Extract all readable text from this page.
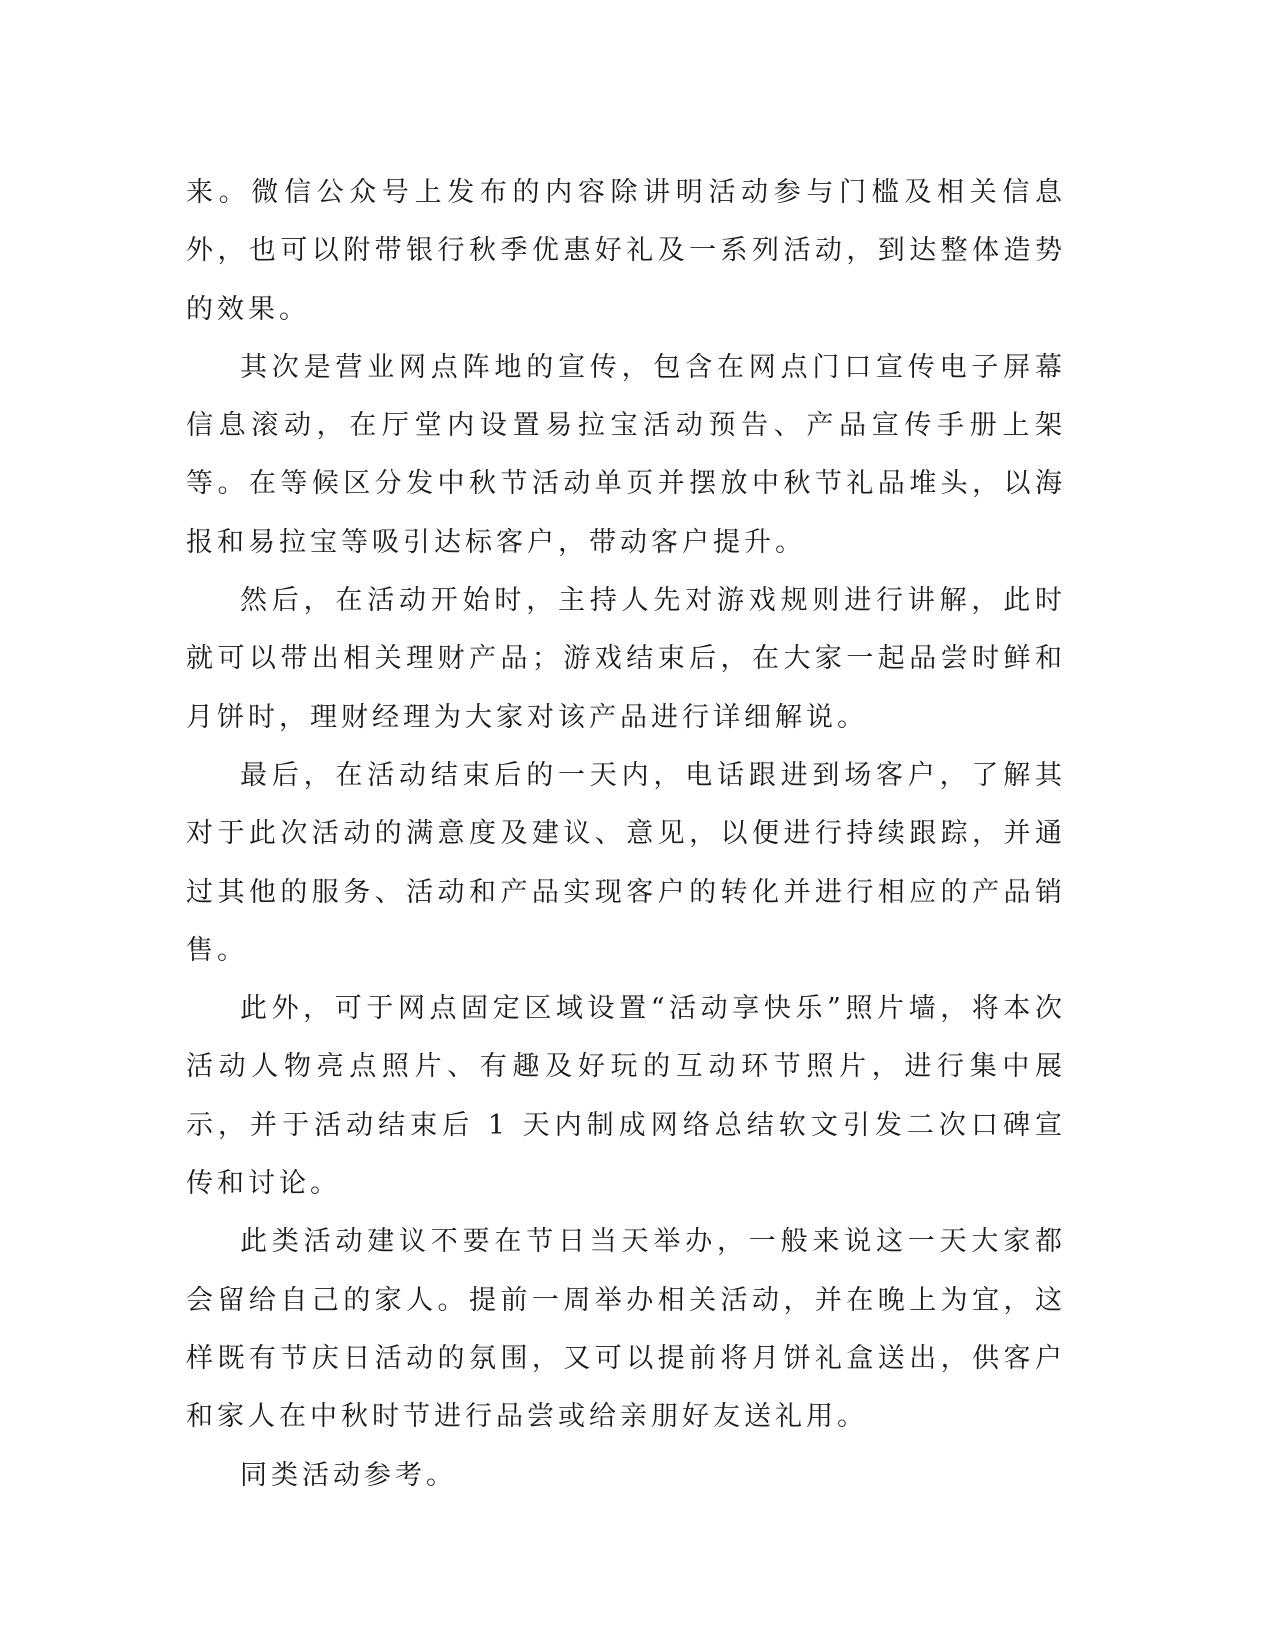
来。微信公众号上发布的内容除讲明活动参与门槛及相关信息外，也可以附带银行秋季优惠好礼及一系列活动，到达整体造势的效果。

其次是营业网点阵地的宣传，包含在网点门口宣传电子屏幕信息滚动，在厅堂内设置易拉宝活动预告、产品宣传手册上架等。在等候区分发中秋节活动单页并摆放中秋节礼品堆头，以海报和易拉宝等吸引达标客户，带动客户提升。

然后，在活动开始时，主持人先对游戏规则进行讲解，此时就可以带出相关理财产品；游戏结束后，在大家一起品尝时鲜和月饼时，理财经理为大家对该产品进行详细解说。

最后，在活动结束后的一天内，电话跟进到场客户，了解其对于此次活动的满意度及建议、意见，以便进行持续跟踪，并通过其他的服务、活动和产品实现客户的转化并进行相应的产品销售。

此外，可于网点固定区域设置“活动享快乐”照片墙，将本次活动人物亮点照片、有趣及好玩的互动环节照片，进行集中展示，并于活动结束后 1 天内制成网络总结软文引发二次口碑宣传和讨论。

此类活动建议不要在节日当天举办，一般来说这一天大家都会留给自己的家人。提前一周举办相关活动，并在晚上为宜，这样既有节庆日活动的氛围，又可以提前将月饼礼盒送出，供客户和家人在中秋时节进行品尝或给亲朋好友送礼用。

同类活动参考。
